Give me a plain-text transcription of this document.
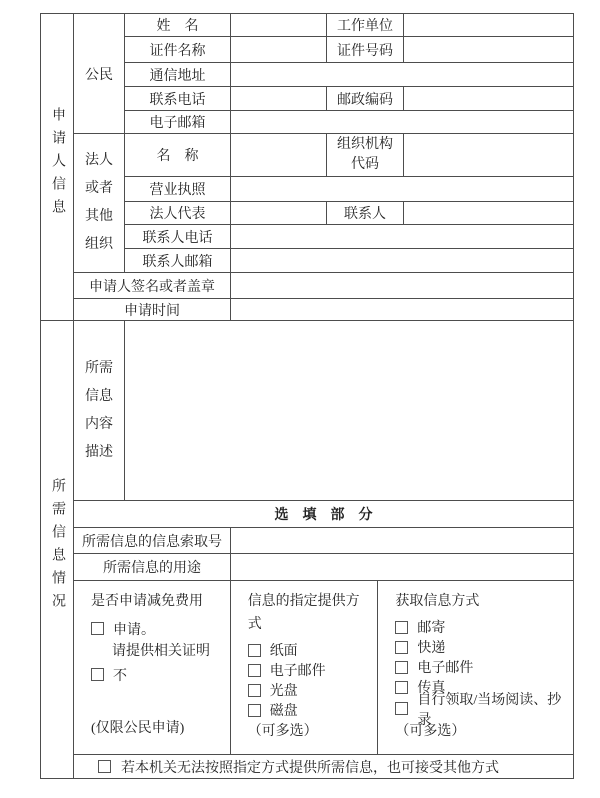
申请人信息	公民	姓　名		工作单位	
		证件名称		证件号码	
		通信地址			
		联系电话		邮政编码	
		电子邮箱			

	法人或者其他组织	名　称		组织机构代码	

		营业执照			
		法人代表		联系人	
		联系人电话			
		联系人邮箱			
	申请人签名或者盖章				
	申请时间				
所需信息情况	所需信息内容描述				

	选　填　部　分				
	所需信息的信息索取号				
	所需信息的用途				

是否申请减免费用
申请。
请提供相关证明
不
(仅限公民申请)
信息的指定提供方式
纸面
电子邮件
光盘
磁盘
（可多选）
获取信息方式
邮寄
快递
电子邮件
传真
自行领取/当场阅读、抄录
（可多选）

	若本机关无法按照指定方式提供所需信息，也可接受其他方式				
